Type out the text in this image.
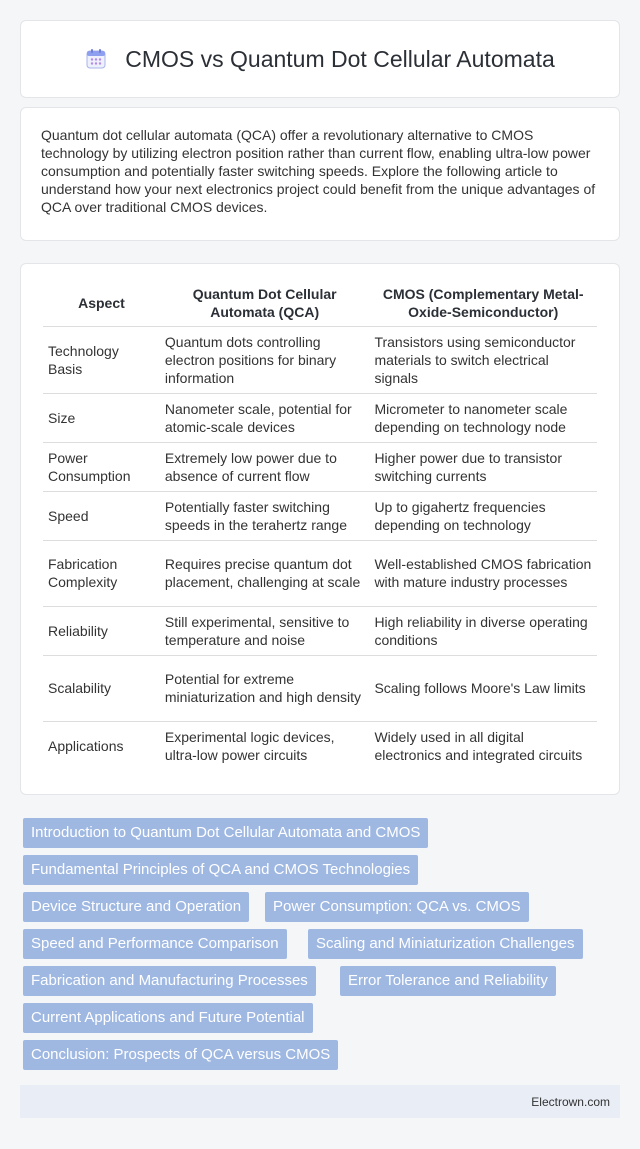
CMOS vs Quantum Dot Cellular Automata

Quantum dot cellular automata (QCA) offer a revolutionary alternative to CMOS technology by utilizing electron position rather than current flow, enabling ultra-low power consumption and potentially faster switching speeds. Explore the following article to understand how your next electronics project could benefit from the unique advantages of QCA over traditional CMOS devices.

Aspect	Quantum Dot Cellular Automata (QCA)	CMOS (Complementary Metal-Oxide-Semiconductor)
Technology Basis	Quantum dots controlling electron positions for binary information	Transistors using semiconductor materials to switch electrical signals
Size	Nanometer scale, potential for atomic-scale devices	Micrometer to nanometer scale depending on technology node
Power Consumption	Extremely low power due to absence of current flow	Higher power due to transistor switching currents
Speed	Potentially faster switching speeds in the terahertz range	Up to gigahertz frequencies depending on technology
Fabrication Complexity	Requires precise quantum dot placement, challenging at scale	Well-established CMOS fabrication with mature industry processes
Reliability	Still experimental, sensitive to temperature and noise	High reliability in diverse operating conditions
Scalability	Potential for extreme miniaturization and high density	Scaling follows Moore's Law limits
Applications	Experimental logic devices, ultra-low power circuits	Widely used in all digital electronics and integrated circuits
Introduction to Quantum Dot Cellular Automata and CMOS
Fundamental Principles of QCA and CMOS Technologies
Device Structure and Operation	Power Consumption: QCA vs. CMOS
Speed and Performance Comparison	Scaling and Miniaturization Challenges
Fabrication and Manufacturing Processes	Error Tolerance and Reliability
Current Applications and Future Potential
Conclusion: Prospects of QCA versus CMOS
Electrown.com
